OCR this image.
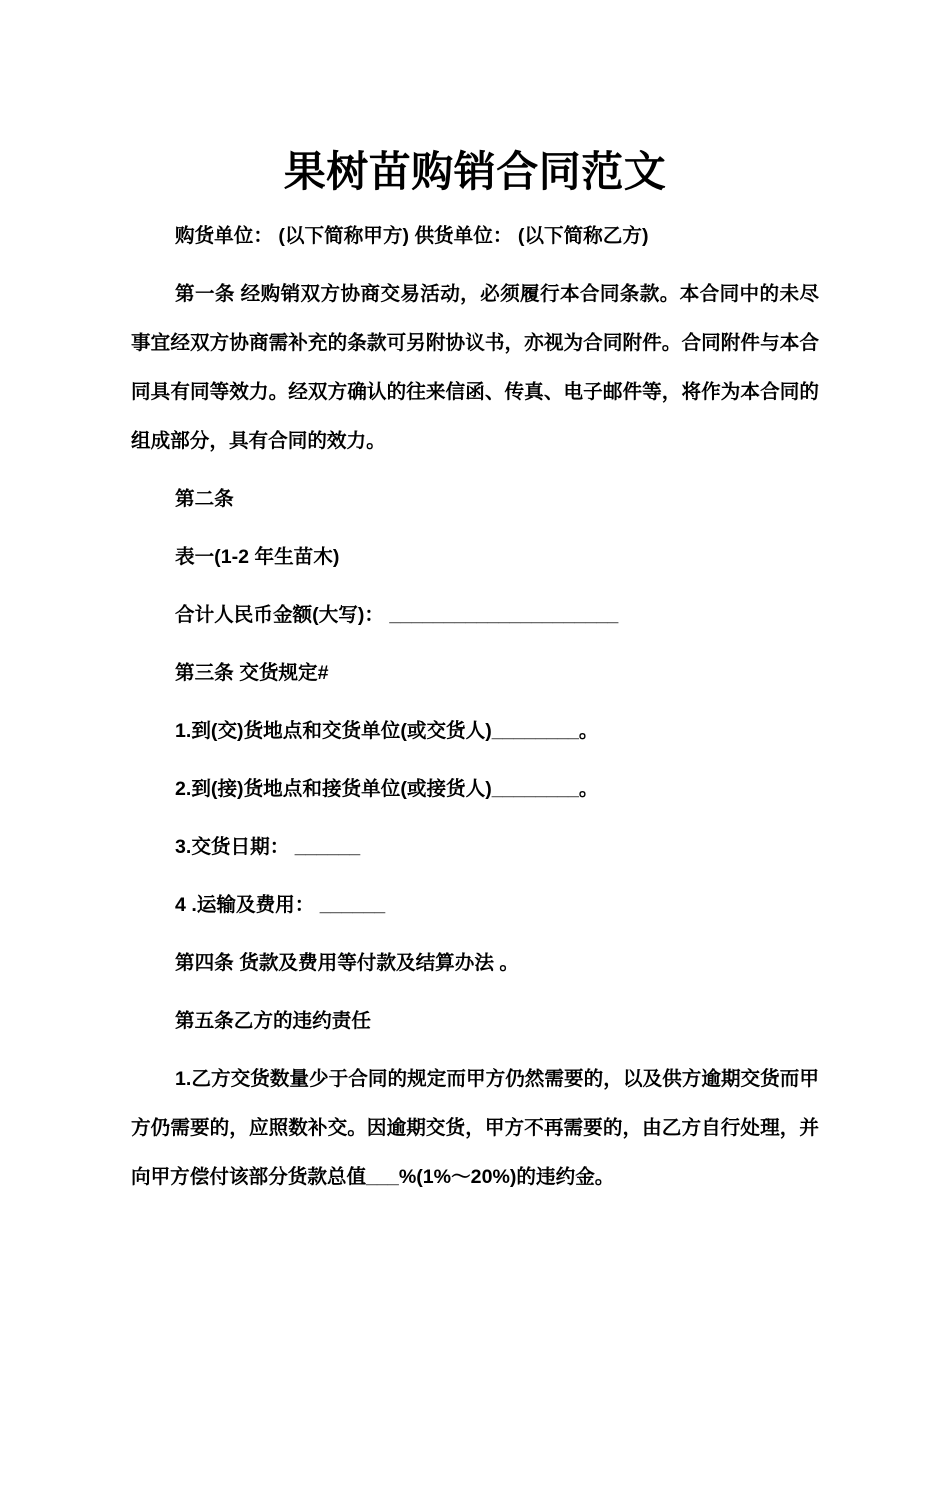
果树苗购销合同范文

购货单位： (以下简称甲方) 供货单位： (以下简称乙方)

第一条 经购销双方协商交易活动，必须履行本合同条款。本合同中的未尽事宜经双方协商需补充的条款可另附协议书，亦视为合同附件。合同附件与本合同具有同等效力。经双方确认的往来信函、传真、电子邮件等，将作为本合同的组成部分，具有合同的效力。

第二条

表一(1-2 年生苗木)

合计人民币金额(大写)： _____________________

第三条 交货规定#

1.到(交)货地点和交货单位(或交货人)________。

2.到(接)货地点和接货单位(或接货人)________。

3.交货日期： ______

4 .运输及费用： ______

第四条 货款及费用等付款及结算办法 。

第五条乙方的违约责任

1.乙方交货数量少于合同的规定而甲方仍然需要的，以及供方逾期交货而甲方仍需要的，应照数补交。因逾期交货，甲方不再需要的，由乙方自行处理，并向甲方偿付该部分货款总值___%(1%～20%)的违约金。
